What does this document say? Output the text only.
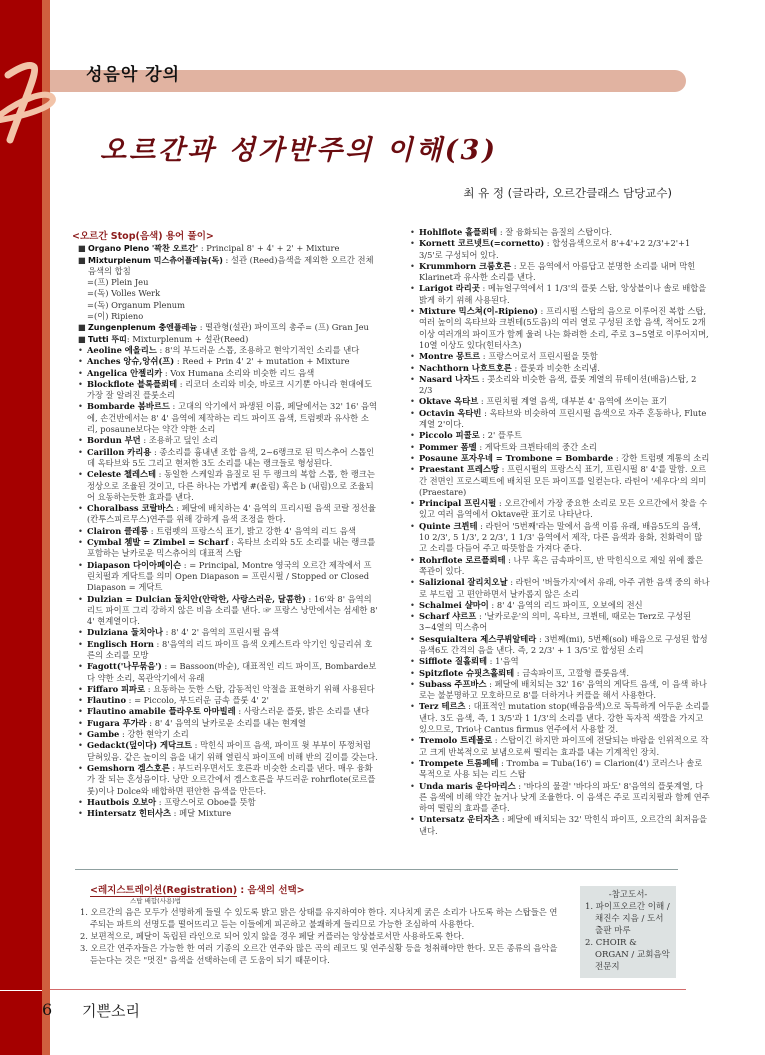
성음악 강의
오르간과 성가반주의 이해(3)
최 유 정 (글라라, 오르간클래스 담당교수)
<오르간 Stop(음색) 용어 풀이>

■ Organo Pleno '꽉찬 오르간' : Principal 8' + 4' + 2' + Mixture

■ Mixturplenum 믹스츄어플레늄(독) : 설관 (Reed)음색을 제외한 오르간 전체 음색의 합침

=(프) Plein Jeu

=(독) Volles Werk

=(독) Organum Plenum

=(이) Ripieno

■ Zungenplenum 충엔플레늄 : 떨관형(설관) 파이프의 총주= (프) Gran Jeu

■ Tutti 뚜띠: Mixturplenum + 설관(Reed)

• Aeoline 에올리느 : 8'의 부드러운 스톱, 조용하고 현악기적인 소리를 낸다

• Anches 앙슈,앙쉬(프) : Reed + Prin 4' 2' + mutation + Mixture

• Angelica 안젤리카 : Vox Humana 소리와 비슷한 리드 음색

• Blockflote 블록플뢰테 : 리코더 소리와 비슷, 바로크 시기뿐 아니라 현대에도 가장 잘 알려진 플룻소리

• Bombarde 봄바르드 : 고대의 악기에서 파생된 이름, 페달에서는 32' 16' 음역에, 손건반에서는 8' 4' 음역에 제작하는 리드 파이프 음색, 트럼펫과 유사한 소리, posaune보다는 약간 약한 소리

• Bordun 부던 : 조용하고 덮인 소리

• Carillon 카리용 : 종소리를 흉내낸 조합 음색, 2~6랭크로 된 믹스추어 스톱인데 옥타브와 5도 그리고 현저한 3도 소리를 내는 랭크들로 형성된다.

• Celeste 첼레스테 : 동일한 스케일과 음질로 된 두 랭크의 복합 스톱, 한 랭크는 정상으로 조율된 것이고, 다른 하나는 가볍게 #(올림) 혹은 b (내림)으로 조율되어 요동하는듯한 효과를 낸다.

• Choralbass 코랄바스 : 페달에 배치하는 4' 음역의 프리시펄 음색 코랄 정선율(칸투스피르무스)연주를 위해 강하게 음색 조정을 한다.

• Clairon 클레롱 : 트럼펫의 프랑스식 표기, 밝고 강한 4' 음역의 리드 음색

• Cymbal 쳄발 = Zimbel = Scharf : 옥타브 소리와 5도 소리를 내는 랭크를 포함하는 날카로운 믹스츄어의 대표적 스탑

• Diapason 다이아페이슨 : = Principal, Montre 영국의 오르간 제작에서 프린치펄과 게닥트를 의미 Open Diapason = 프린시펄 / Stopped or Closed Diapason = 게닥트

• Dulzian = Dulcian 둘치안(안락한, 사랑스러운, 달콤한) : 16'와 8' 음역의 리드 파이프 그리 강하지 않은 비음 소리를 낸다. ☞ 프랑스 낭만에서는 섬세한 8' 4' 현계열이다.

• Dulziana 둘치아나 : 8' 4' 2' 음역의 프린시펄 음색

• Englisch Horn : 8'음역의 리드 파이프 음색 오케스트라 악기인 잉글리쉬 호른의 소리를 모방

• Fagott('나무묶음') : = Bassoon(바순), 대표적인 리드 파이프, Bombarde보다 약한 소리, 목관악기에서 유래

• Fiffaro 피파로 : 요동하는 듯한 스탑, 감동적인 악절을 표현하기 위해 사용된다

• Flautino : = Piccolo, 부드러운 금속 플룻 4' 2'

• Flautino amabile 플라우토 아마빌레 : 사랑스러운 플룻, 밝은 소리를 낸다

• Fugara 푸가라 : 8' 4' 음역의 날카로운 소리를 내는 현계열

• Gambe : 강한 현악기 소리

• Gedackt(덮이다) 게닥크트 : 막힌식 파이프 음색, 파이프 윗 부부이 뚜껑처럼 닫혀있음. 같은 높이의 음을 내기 위해 열린식 파이프에 비해 반의 길이를 갖는다.

• Gemshorn 겜스호른 : 부드러우면서도 호른과 비슷한 소리를 낸다. 매우 융화가 잘 되는 혼성음이다. 낭만 오르간에서 겜스호른을 부드러운 rohrflote(로르플룻)이나 Dolce와 배합하면 편안한 음색을 만든다.

• Hautbois 오보아 : 프랑스어로 Oboe를 뜻함

• Hintersatz 힌터사츠 : 페달 Mixture

• Hohlflote 홀플뢰테 : 잘 융화되는 음질의 스탑이다.

• Kornett 코르넷트(=cornetto) : 합성음색으로서 8'+4'+2 2/3'+2'+1 3/5'로 구성되어 있다.

• Krummhorn 크룸호른 : 모든 음역에서 아름답고 분명한 소리를 내며 막힌 Klarinet과 유사한 소리를 낸다.

• Larigot 라리곳 : 메뉴얼구역에서 1 1/3'의 플룻 스탑, 앙상블이나 솔로 배합을 밝게 하기 위해 사용된다.

• Mixture 믹스쳐(이-Ripieno) : 프리시펄 스탑의 음으로 이루어진 복합 스탑, 여러 높이의 옥타브와 크뷘테(5도음)의 여러 열로 구성된 조합 음색, 적어도 2개 이상 여러개의 파이프가 함께 울려 나는 화려한 소리, 주로 3~5열로 이루어지며, 10열 이상도 있다(힌터사츠)

• Montre 몽트르 : 프랑스어로서 프린시펄을 뜻함

• Nachthorn 나흐트호른 : 플룻과 비슷한 소리냄.

• Nasard 나자드 : 콧소리와 비슷한 음색, 플룻 계열의 뮤테이션(배음)스탑, 2 2/3

• Oktave 옥타브 : 프린치펄 계열 음색, 대부분 4' 음역에 쓰이는 표기

• Octavin 옥타빈 : 옥타브와 비슷하여 프린시펄 음색으로 자주 혼동하나, Flute 계열 2'이다.

• Piccolo 피콜로 : 2' 플루트

• Pommer 폼멜 : 게닥트와 크뷘타데의 중간 소리

• Posaune 포자우네 = Trombone = Bombarde : 강한 트럼펫 계통의 소리

• Praestant 프레스땅 : 프린시펄의 프랑스식 표기, 프린시펄 8' 4'를 말함. 오르간 전면인 프로스펙트에 배치된 모든 파이프를 일컫는다. 라틴어 '세우다'의 의미(Praestare)

• Principal 프린시펄 : 오르간에서 가장 중요한 소리로 모든 오르간에서 찾을 수 있고 여러 음역에서 Oktave란 표기로 나타난다.

• Quinte 크뷘테 : 라틴어 '5번째'라는 말에서 음색 이름 유래, 배음5도의 음색, 10 2/3', 5 1/3', 2 2/3', 1 1/3' 음역에서 제작, 다른 음색과 융화, 친화력이 많고 소리를 다듬어 주고 따뜻함을 가져다 준다.

• Rohrflote 로르플뢰테 : 나무 혹은 금속파이프, 반 막힌식으로 제일 위에 짧은 쪽관이 있다.

• Salizional 잘리치오날 : 라틴어 '버들가지'에서 유래, 아주 귀한 음색 중의 하나로 부드럽 고 편안하면서 날카롭지 않은 소리

• Schalmei 샬마이 : 8' 4' 음역의 리드 파이프, 오보에의 전신

• Scharf 샤르프 : '날카로운'의 의미, 옥타브, 크뷘테, 때로는 Terz로 구성된 3~4열의 믹스츄어

• Sesquialtera 제스쿠뷔알테라 : 3번째(mi), 5번째(sol) 배음으로 구성된 합성 음색6도 간격의 음을 낸다. 즉, 2 2/3' + 1 3/5'로 합성된 소리

• Sifflote 질홀뢰테 : 1'음역

• Spitzflote 슈핏츠홀뢰테 : 금속파이프, 고깔형 플룻음색.

• Subass 주프바스 : 페달에 배치되는 32' 16' 음역의 게닥트 음색, 이 음색 하나로는 불분명하고 모호하므로 8'를 더하거나 커플을 해서 사용한다.

• Terz 테르츠 : 대표적인 mutation stop(배음음색)으로 독특하게 어두운 소리를 낸다. 3도 음색, 즉, 1 3/5'과 1 1/3'의 소리를 낸다. 강한 독자적 색깔을 가지고 있으므로, Trio나 Cantus firmus 연주에서 사용할 것.

• Tremolo 트레몰로 : 스탑이긴 하지만 파이프에 전달되는 바람을 인위적으로 작고 크게 반복적으로 보냄으로써 떨리는 효과를 내는 기계적인 장치.

• Trompete 트롬페테 : Tromba = Tuba(16') = Clarion(4') 코러스나 솔로 목적으로 사용 되는 리드 스탑

• Unda maris 운다마리스 : '바다의 물결' '바다의 파도' 8'음역의 플룻계열, 다른 음색에 비해 약간 높거나 낮게 조율한다. 이 음색은 주로 프리치펄과 함께 연주하여 떨림의 효과를 준다.

• Untersatz 운터자츠 : 페달에 배치되는 32' 막힌식 파이프, 오르간의 최저음을 낸다.

<레지스트레이션(Registration) : 음색의 선택>
스탑 배합(사용)법

1. 오르간의 음은 모두가 선명하게 들릴 수 있도록 밝고 맑은 상태를 유지하여야 한다. 지나치게 굵은 소리가 나도록 하는 스탑들은 연주되는 파트의 선명도를 떨어뜨리고 듣는 이들에게 피곤하고 불쾌하게 들리므로 가능한 조심하여 사용한다.

2. 보편적으로, 페달이 독립된 라인으로 되어 있지 않을 경우 페달 커플러는 앙상블로서만 사용하도록 한다.

3. 오르간 연주자들은 가능한 한 여러 기종의 오르간 연주와 많은 곡의 레코드 및 연주실황 등을 청취해야만 한다. 모든 종류의 음악을 듣는다는 것은 "멋진" 음색을 선택하는데 큰 도움이 되기 때문이다.

-참고도서-

1. 파이프오르간 이해 / 채진수 지음 / 도서출판 마루

2. CHOIR & ORGAN / 교회음악 전문지

6 기쁜소리
